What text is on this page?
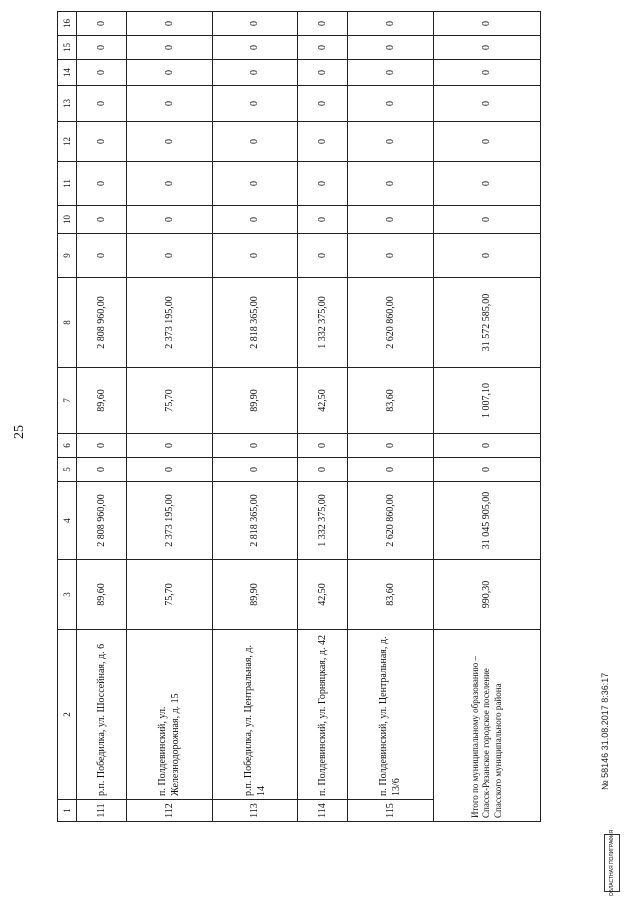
25
1	2	3	4	5	6	7	8	9	10	11	12	13	14	15	16
111	р.п. Победилка, ул. Шоссейная, д. 6	89,60	2 808 960,00	0	0	89,60	2 808 960,00	0	0	0	0	0	0	0	0
112	п. Полдевинский, ул. Железнодорожная, д. 15	75,70	2 373 195,00	0	0	75,70	2 373 195,00	0	0	0	0	0	0	0	0
113	р.п. Победилка, ул. Центральная, д. 14	89,90	2 818 365,00	0	0	89,90	2 818 365,00	0	0	0	0	0	0	0	0
114	п. Полдевинский, ул. Горняцкая, д. 42	42,50	1 332 375,00	0	0	42,50	1 332 375,00	0	0	0	0	0	0	0	0
115	п. Полдевинский, ул. Центральная, д. 13/6	83,60	2 620 860,00	0	0	83,60	2 620 860,00	0	0	0	0	0	0	0	0
Итого по муниципальному образованию – Спасск-Рязанское городское поселение Спасского муниципального района		990,30	31 045 905,00	0	0	1 007,10	31 572 585,00	0	0	0	0	0	0	0	0
№ 58146 31.08.2017 8:36:17
ОБЛАСТНАЯ ПОЛИГРАФИЯ
